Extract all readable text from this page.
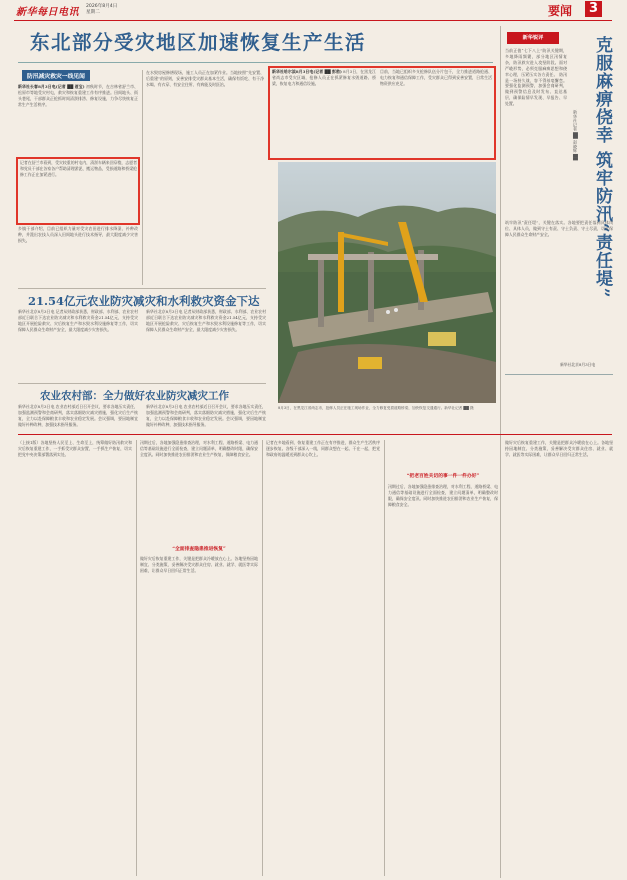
新华每日电讯
2026年8月4日
星期二	要闻	3
东北部分受灾地区加速恢复生产生活
防汛减灾救灾一线见闻
新华社长春8月3日电(记者 ██ 聂宝) 初秋时节，在吉林省舒兰市、松原市等地受灾村屯，救灾和恢复重建工作有序推进。田间地头、街头巷尾，干部群众正抢抓时间清淤排涝、修复设施，力争尽快恢复正常生产生活秩序。
记者在舒兰市看到，受灾较重的村屯内，清淤车辆来回穿梭，志愿者和党员干部在各家各户帮助清理淤泥、搬运物品，受损道路和桥梁抢修工作正在加紧进行。
乡镇干部介绍，目前已组织力量对受灾农田进行排水降渍、补种改种，并派出农技人员深入田间地头进行技术指导，最大限度减少灾害损失。
在水毁房屋修缮现场，施工人员正在加紧作业。当地按照“先安置、后重建”的原则，妥善安排受灾群众基本生活，确保有饭吃、有干净水喝、有衣穿、有安全住所、有病能及时医治。
21.54亿元农业防灾减灾和水利救灾资金下达
新华社北京8月3日电 记者从财政部获悉，财政部、水利部、农业农村部近日联合下达农业防灾减灾和水利救灾资金21.54亿元，支持受灾地区开展抢险救灾、灾后恢复生产和水毁水利设施修复等工作，切实保障人民群众生命财产安全，最大限度减少灾害损失。
新华社北京8月3日电 记者从财政部获悉，财政部、水利部、农业农村部近日联合下达农业防灾减灾和水利救灾资金21.54亿元，支持受灾地区开展抢险救灾、灾后恢复生产和水毁水利设施修复等工作，切实保障人民群众生命财产安全，最大限度减少灾害损失。
农业农村部：全力做好农业防灾减灾工作
新华社北京8月3日电 农业农村部近日召开会议，要求各地压实责任，加强监测预警和会商研判，落实落细防灾减灾措施，强化灾后生产恢复，全力以赴保障粮食丰收和农业稳定发展。会议强调，要因地制宜做好补种改种，加强技术指导服务。
新华社北京8月3日电 农业农村部近日召开会议，要求各地压实责任，加强监测预警和会商研判，落实落细防灾减灾措施，强化灾后生产恢复，全力以赴保障粮食丰收和农业稳定发展。会议强调，要因地制宜做好补种改种，加强技术指导服务。
新华社哈尔滨8月3日电(记者 ██ 彭勃) 8月3日，在黑龙江省尚志市受灾区域，抢修人员正在抓紧修复水毁道路、桥梁，恢复电力和通信设施。
目前，当地已组织多支抢修队伍分片包干，全力推进道路抢通、电力恢复和通信保障工作，受灾群众已得到妥善安置，日常生活物资供应充足。
8月3日，在黑龙江省尚志市，抢修人员正在施工现场作业，全力修复受损道路桥梁，加快恢复交通通行。新华社记者 ██ 摄
新华锐评	克服麻痹侥幸 筑牢防汛“责任堤”
新华社记者 ██ 赵晓辉 ██
当前正值“七下八上”防汛关键期，多地降雨频繁，部分地区汛情复杂，防汛救灾进入攻坚阶段。面对严峻形势，必须克服麻痹思想和侥幸心理，压紧压实各方责任。 防汛是一场持久战，容不得丝毫懈怠。要强化监测预警，加强会商研判，做到预警信息及时发布、直达基层，确保险情早发现、早报告、早处置。
筑牢防汛“责任堤”，关键在落实。各地要把责任落到具体岗位、具体人员，做到守土有责、守土负责、守土尽责，切实保障人民群众生命财产安全。
新华社北京8月3日电
（上接1版）各地坚持人民至上、生命至上，统筹做好防汛救灾和灾后恢复重建工作，一手抓受灾群众安置，一手抓生产恢复，切实把党中央决策部署落到实处。
汛期过后，各地加强隐患排查治理，对水利工程、道路桥梁、电力通信等基础设施进行全面检查，建立问题清单，明确整改时限，确保安全度汛。同时加快推进农田排涝和农业生产恢复，保障粮食安全。
“全面排查隐患推进恢复”
做好灾后恢复重建工作，关键是把群众冷暖放在心上。各地坚持因地制宜、分类施策，妥善解决受灾群众住房、就业、就学、就医等实际困难，让群众早日回归正常生活。
记者在多地看到，恢复重建工作正在有序推进，群众生产生活秩序逐步恢复。各级干部深入一线，同群众想在一起、干在一起，把党和政府的温暖送到群众心坎上。
“把老百姓关切的事一件一件办好”
汛期过后，各地加强隐患排查治理，对水利工程、道路桥梁、电力通信等基础设施进行全面检查，建立问题清单，明确整改时限，确保安全度汛。同时加快推进农田排涝和农业生产恢复，保障粮食安全。
做好灾后恢复重建工作，关键是把群众冷暖放在心上。各地坚持因地制宜、分类施策，妥善解决受灾群众住房、就业、就学、就医等实际困难，让群众早日回归正常生活。
